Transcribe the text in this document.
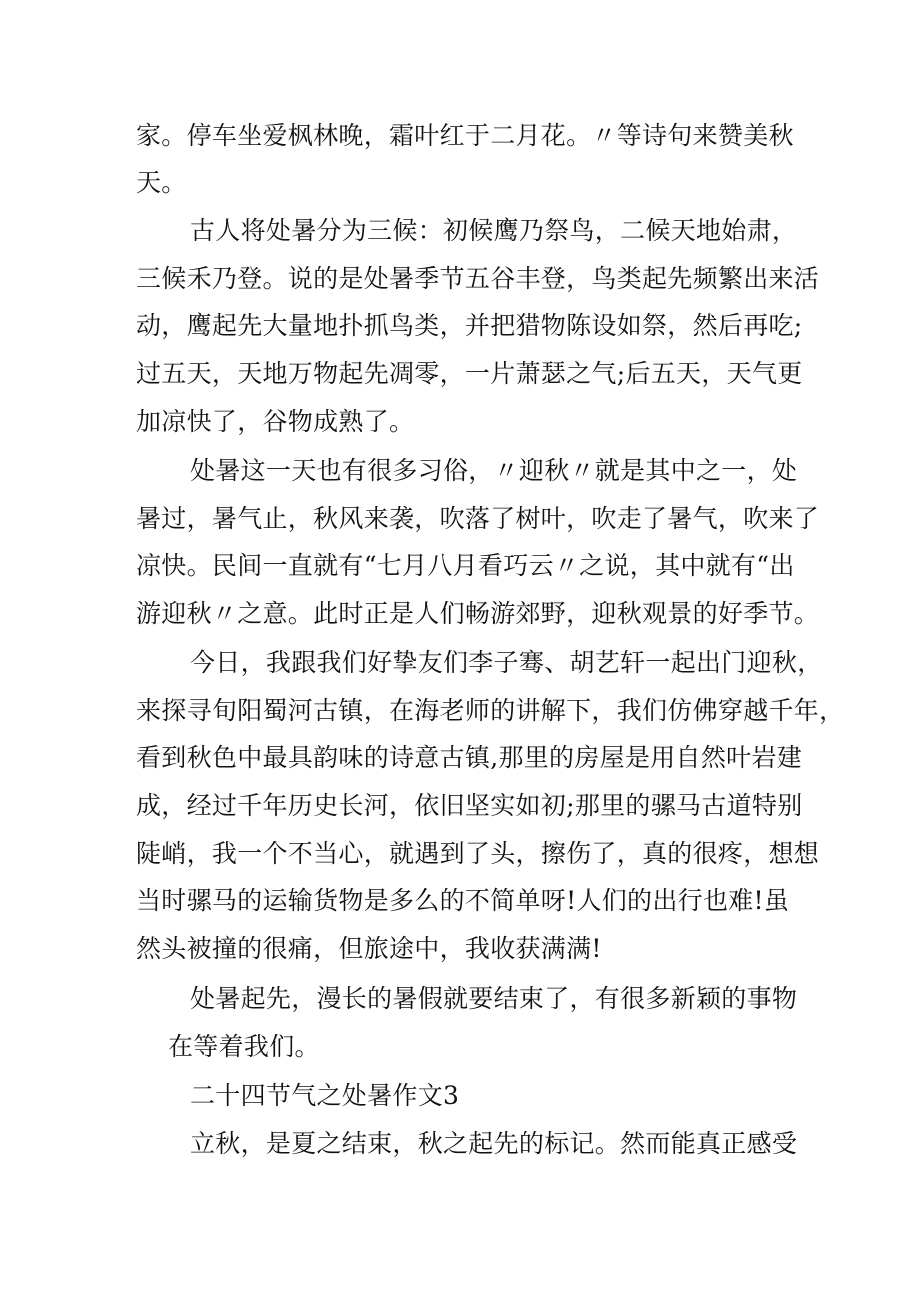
家。停车坐爱枫林晚，霜叶红于二月花。〃等诗句来赞美秋

天。

古人将处暑分为三候：初候鹰乃祭鸟，二候天地始肃，

三候禾乃登。说的是处暑季节五谷丰登，鸟类起先频繁出来活

动，鹰起先大量地扑抓鸟类，并把猎物陈设如祭，然后再吃;

过五天，天地万物起先凋零，一片萧瑟之气;后五天，天气更

加凉快了，谷物成熟了。

处暑这一天也有很多习俗，〃迎秋〃就是其中之一，处

暑过，暑气止，秋风来袭，吹落了树叶，吹走了暑气，吹来了

凉快。民间一直就有“七月八月看巧云〃之说，其中就有“出

游迎秋〃之意。此时正是人们畅游郊野，迎秋观景的好季节。

今日，我跟我们好挚友们李子骞、胡艺轩一起出门迎秋，

来探寻旬阳蜀河古镇，在海老师的讲解下，我们仿佛穿越千年，

看到秋色中最具韵味的诗意古镇,那里的房屋是用自然叶岩建

成，经过千年历史长河，依旧坚实如初;那里的骡马古道特别

陡峭，我一个不当心，就遇到了头，擦伤了，真的很疼，想想

当时骡马的运输货物是多么的不简单呀!人们的出行也难!虽

然头被撞的很痛，但旅途中，我收获满满!

处暑起先，漫长的暑假就要结束了，有很多新颖的事物

在等着我们。

二十四节气之处暑作文3

立秋，是夏之结束，秋之起先的标记。然而能真正感受
